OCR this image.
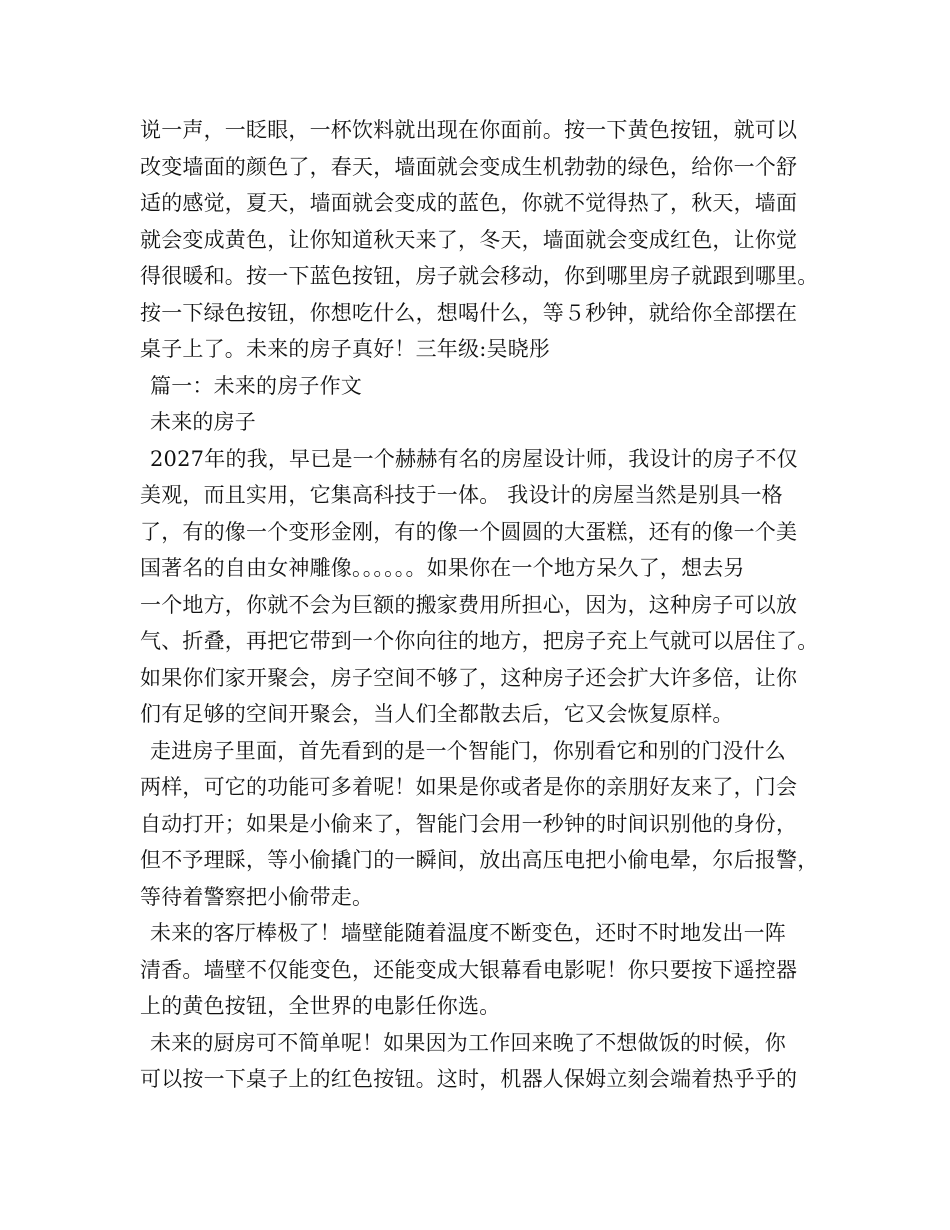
说一声，一眨眼，一杯饮料就出现在你面前。按一下黄色按钮，就可以
改变墙面的颜色了，春天，墙面就会变成生机勃勃的绿色，给你一个舒
适的感觉，夏天，墙面就会变成的蓝色，你就不觉得热了，秋天，墙面
就会变成黄色，让你知道秋天来了，冬天，墙面就会变成红色，让你觉
得很暖和。按一下蓝色按钮，房子就会移动，你到哪里房子就跟到哪里。
按一下绿色按钮，你想吃什么，想喝什么，等５秒钟，就给你全部摆在
桌子上了。未来的房子真好！三年级:吴晓彤
篇一：未来的房子作文
未来的房子
2027年的我，早已是一个赫赫有名的房屋设计师，我设计的房子不仅
美观，而且实用，它集高科技于一体。 我设计的房屋当然是别具一格
了，有的像一个变形金刚，有的像一个圆圆的大蛋糕，还有的像一个美
国著名的自由女神雕像。。。。。。如果你在一个地方呆久了，想去另
一个地方，你就不会为巨额的搬家费用所担心，因为，这种房子可以放
气、折叠，再把它带到一个你向往的地方，把房子充上气就可以居住了。
如果你们家开聚会，房子空间不够了，这种房子还会扩大许多倍，让你
们有足够的空间开聚会，当人们全都散去后，它又会恢复原样。
走进房子里面，首先看到的是一个智能门，你别看它和别的门没什么
两样，可它的功能可多着呢！如果是你或者是你的亲朋好友来了，门会
自动打开；如果是小偷来了，智能门会用一秒钟的时间识别他的身份，
但不予理睬，等小偷撬门的一瞬间，放出高压电把小偷电晕，尔后报警，
等待着警察把小偷带走。
未来的客厅棒极了！墙壁能随着温度不断变色，还时不时地发出一阵
清香。墙壁不仅能变色，还能变成大银幕看电影呢！你只要按下遥控器
上的黄色按钮，全世界的电影任你选。
未来的厨房可不简单呢！如果因为工作回来晚了不想做饭的时候，你
可以按一下桌子上的红色按钮。这时，机器人保姆立刻会端着热乎乎的
